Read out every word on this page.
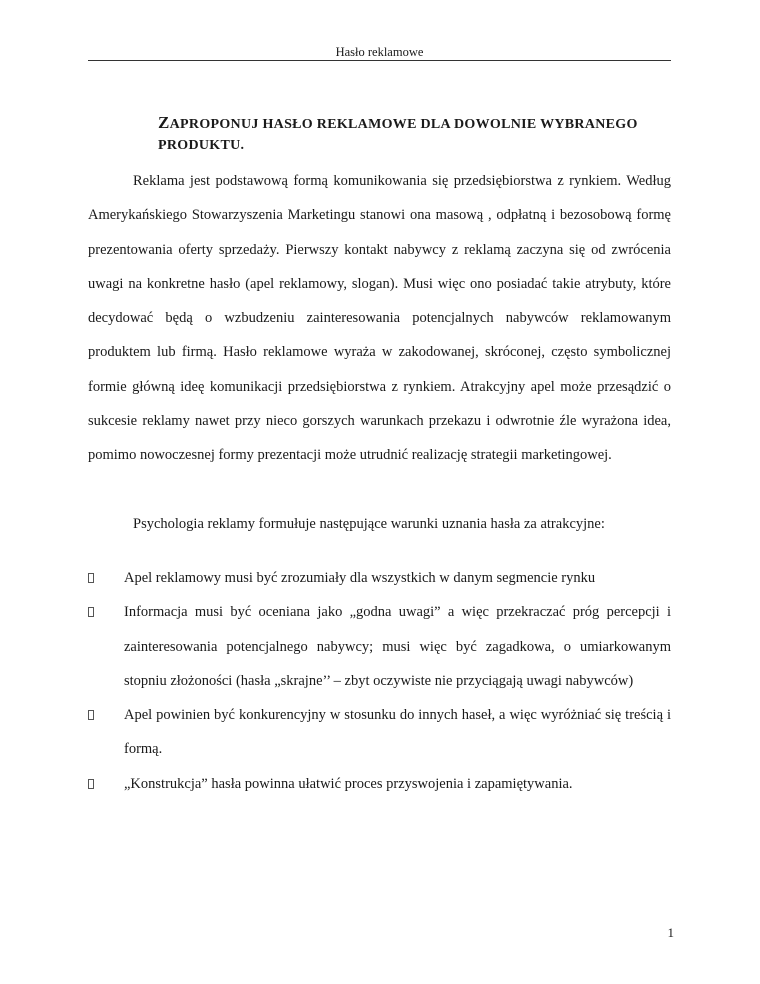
Hasło reklamowe
ZAPROPONUJ HASŁO REKLAMOWE DLA DOWOLNIE WYBRANEGO PRODUKTU.

Reklama jest podstawową formą komunikowania się przedsiębiorstwa z rynkiem. Według Amerykańskiego Stowarzyszenia Marketingu stanowi ona masową , odpłatną i bezosobową formę prezentowania oferty sprzedaży. Pierwszy kontakt nabywcy z reklamą zaczyna się od zwrócenia uwagi na konkretne hasło (apel reklamowy, slogan). Musi więc ono posiadać takie atrybuty, które decydować będą o wzbudzeniu zainteresowania potencjalnych nabywców reklamowanym produktem lub firmą. Hasło reklamowe wyraża w zakodowanej, skróconej, często symbolicznej formie główną ideę komunikacji przedsiębiorstwa z rynkiem. Atrakcyjny apel może przesądzić o sukcesie reklamy nawet przy nieco gorszych warunkach przekazu i odwrotnie źle wyrażona idea, pomimo nowoczesnej formy prezentacji może utrudnić realizację strategii marketingowej.

Psychologia reklamy formułuje następujące warunki uznania hasła za atrakcyjne:

Apel reklamowy musi być zrozumiały dla wszystkich w danym segmencie rynku
Informacja musi być oceniana jako „godna uwagi” a więc przekraczać próg percepcji i zainteresowania potencjalnego nabywcy; musi więc być zagadkowa, o umiarkowanym stopniu złożoności (hasła „skrajne’’ – zbyt oczywiste nie przyciągają uwagi nabywców)
Apel powinien być konkurencyjny w stosunku do innych haseł, a więc wyróżniać się treścią i formą.
„Konstrukcja” hasła powinna ułatwić proces przyswojenia i zapamiętywania.
1
